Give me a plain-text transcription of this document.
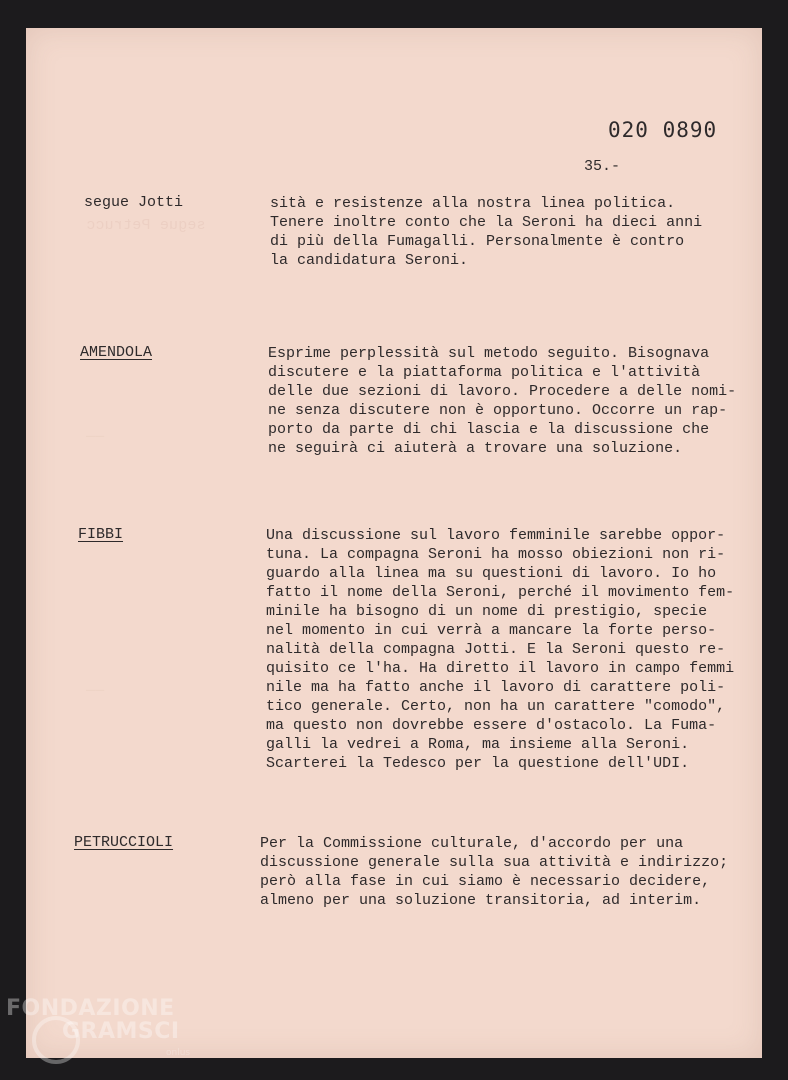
segue Petrucc
__
__
020 0890
35.-
segue Jotti	sità e resistenze alla nostra linea politica.
Tenere inoltre conto che la Seroni ha dieci anni
di più della Fumagalli. Personalmente è contro
la candidatura Seroni.
AMENDOLA	Esprime perplessità sul metodo seguito. Bisognava
discutere e la piattaforma politica e l'attività
delle due sezioni di lavoro. Procedere a delle nomi-
ne senza discutere non è opportuno. Occorre un rap-
porto da parte di chi lascia e la discussione che
ne seguirà ci aiuterà a trovare una soluzione.
FIBBI	Una discussione sul lavoro femminile sarebbe oppor-
tuna. La compagna Seroni ha mosso obiezioni non ri-
guardo alla linea ma su questioni di lavoro. Io ho
fatto il nome della Seroni, perché il movimento fem-
minile ha bisogno di un nome di prestigio, specie
nel momento in cui verrà a mancare la forte perso-
nalità della compagna Jotti. E la Seroni questo re-
quisito ce l'ha. Ha diretto il lavoro in campo femmi
nile ma ha fatto anche il lavoro di carattere poli-
tico generale. Certo, non ha un carattere "comodo",
ma questo non dovrebbe essere d'ostacolo. La Fuma-
galli la vedrei a Roma, ma insieme alla Seroni.
Scarterei la Tedesco per la questione dell'UDI.
PETRUCCIOLI	Per la Commissione culturale, d'accordo per una
discussione generale sulla sua attività e indirizzo;
però alla fase in cui siamo è necessario decidere,
almeno per una soluzione transitoria, ad interim.
FONDAZIONE
GRAMSCI
onlus
